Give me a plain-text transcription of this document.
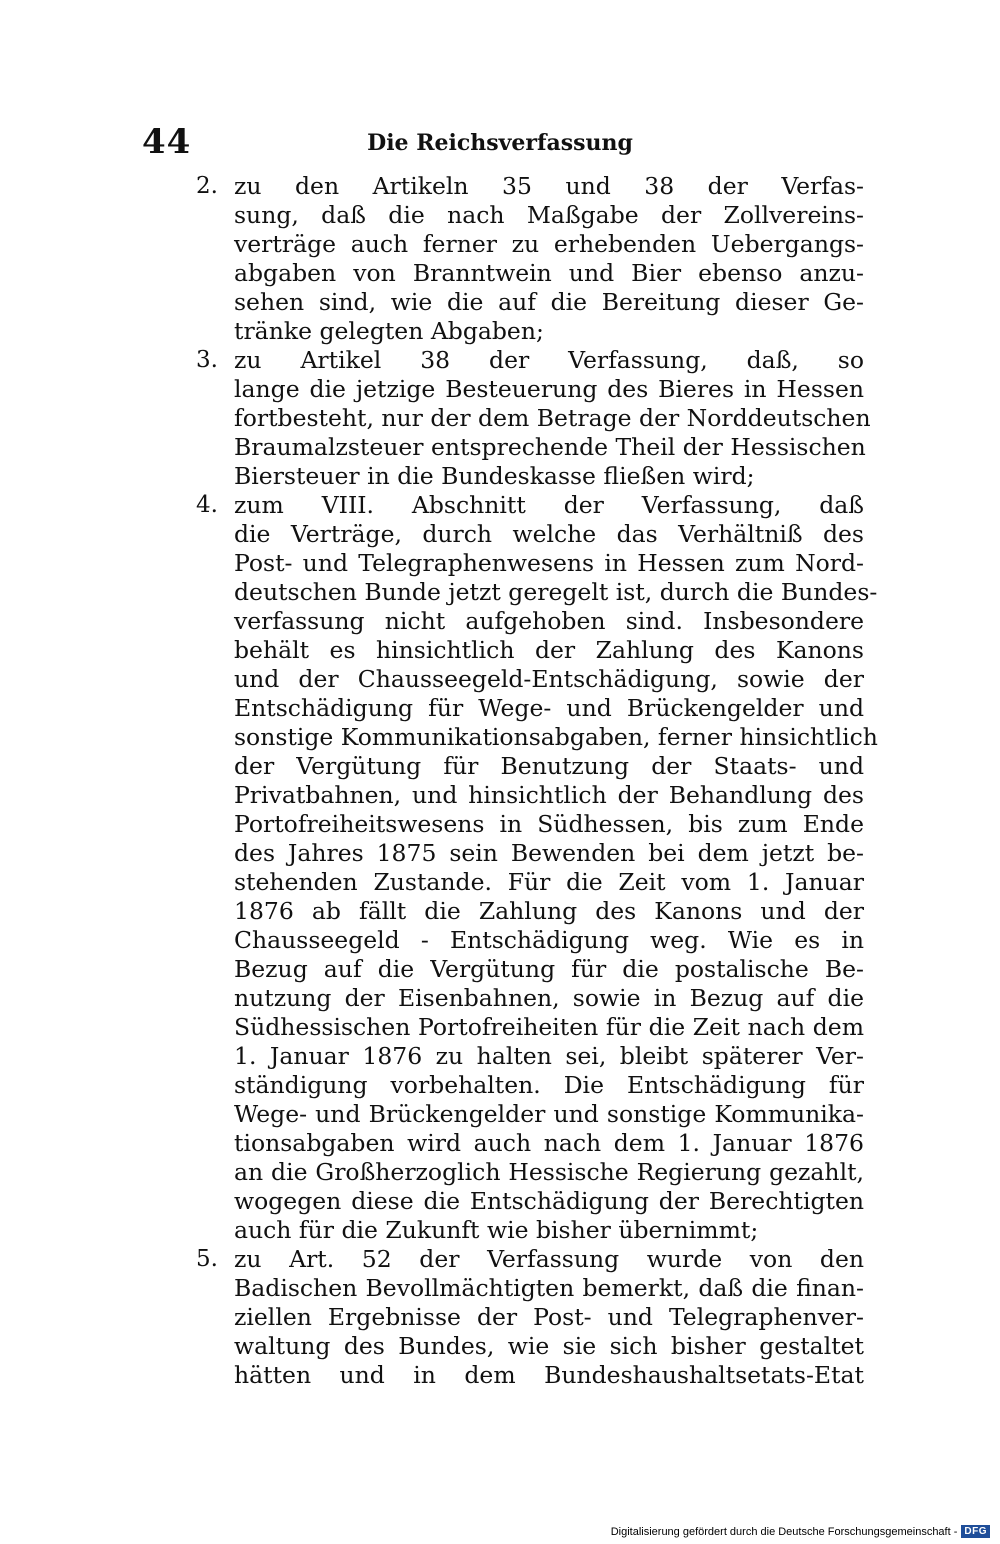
44	Die Reichsverfassung
2. zu den Artikeln 35 und 38 der Verfas-
sung, daß die nach Maßgabe der Zollvereins-
verträge auch ferner zu erhebenden Uebergangs-
abgaben von Branntwein und Bier ebenso anzu-
sehen sind, wie die auf die Bereitung dieser Ge-
tränke gelegten Abgaben;
3. zu Artikel 38 der Verfassung, daß, so
lange die jetzige Besteuerung des Bieres in Hessen
fortbesteht, nur der dem Betrage der Norddeutschen
Braumalzsteuer entsprechende Theil der Hessischen
Biersteuer in die Bundeskasse fließen wird;
4. zum VIII. Abschnitt der Verfassung, daß
die Verträge, durch welche das Verhältniß des
Post- und Telegraphenwesens in Hessen zum Nord-
deutschen Bunde jetzt geregelt ist, durch die Bundes-
verfassung nicht aufgehoben sind. Insbesondere
behält es hinsichtlich der Zahlung des Kanons
und der Chausseegeld-Entschädigung, sowie der
Entschädigung für Wege- und Brückengelder und
sonstige Kommunikationsabgaben, ferner hinsichtlich
der Vergütung für Benutzung der Staats- und
Privatbahnen, und hinsichtlich der Behandlung des
Portofreiheitswesens in Südhessen, bis zum Ende
des Jahres 1875 sein Bewenden bei dem jetzt be-
stehenden Zustande. Für die Zeit vom 1. Januar
1876 ab fällt die Zahlung des Kanons und der
Chausseegeld - Entschädigung weg. Wie es in
Bezug auf die Vergütung für die postalische Be-
nutzung der Eisenbahnen, sowie in Bezug auf die
Südhessischen Portofreiheiten für die Zeit nach dem
1. Januar 1876 zu halten sei, bleibt späterer Ver-
ständigung vorbehalten. Die Entschädigung für
Wege- und Brückengelder und sonstige Kommunika-
tionsabgaben wird auch nach dem 1. Januar 1876
an die Großherzoglich Hessische Regierung gezahlt,
wogegen diese die Entschädigung der Berechtigten
auch für die Zukunft wie bisher übernimmt;
5. zu Art. 52 der Verfassung wurde von den
Badischen Bevollmächtigten bemerkt, daß die finan-
ziellen Ergebnisse der Post- und Telegraphenver-
waltung des Bundes, wie sie sich bisher gestaltet
hätten und in dem Bundeshaushaltsetats-Etat
Digitalisierung gefördert durch die Deutsche Forschungsgemeinschaft - DFG
